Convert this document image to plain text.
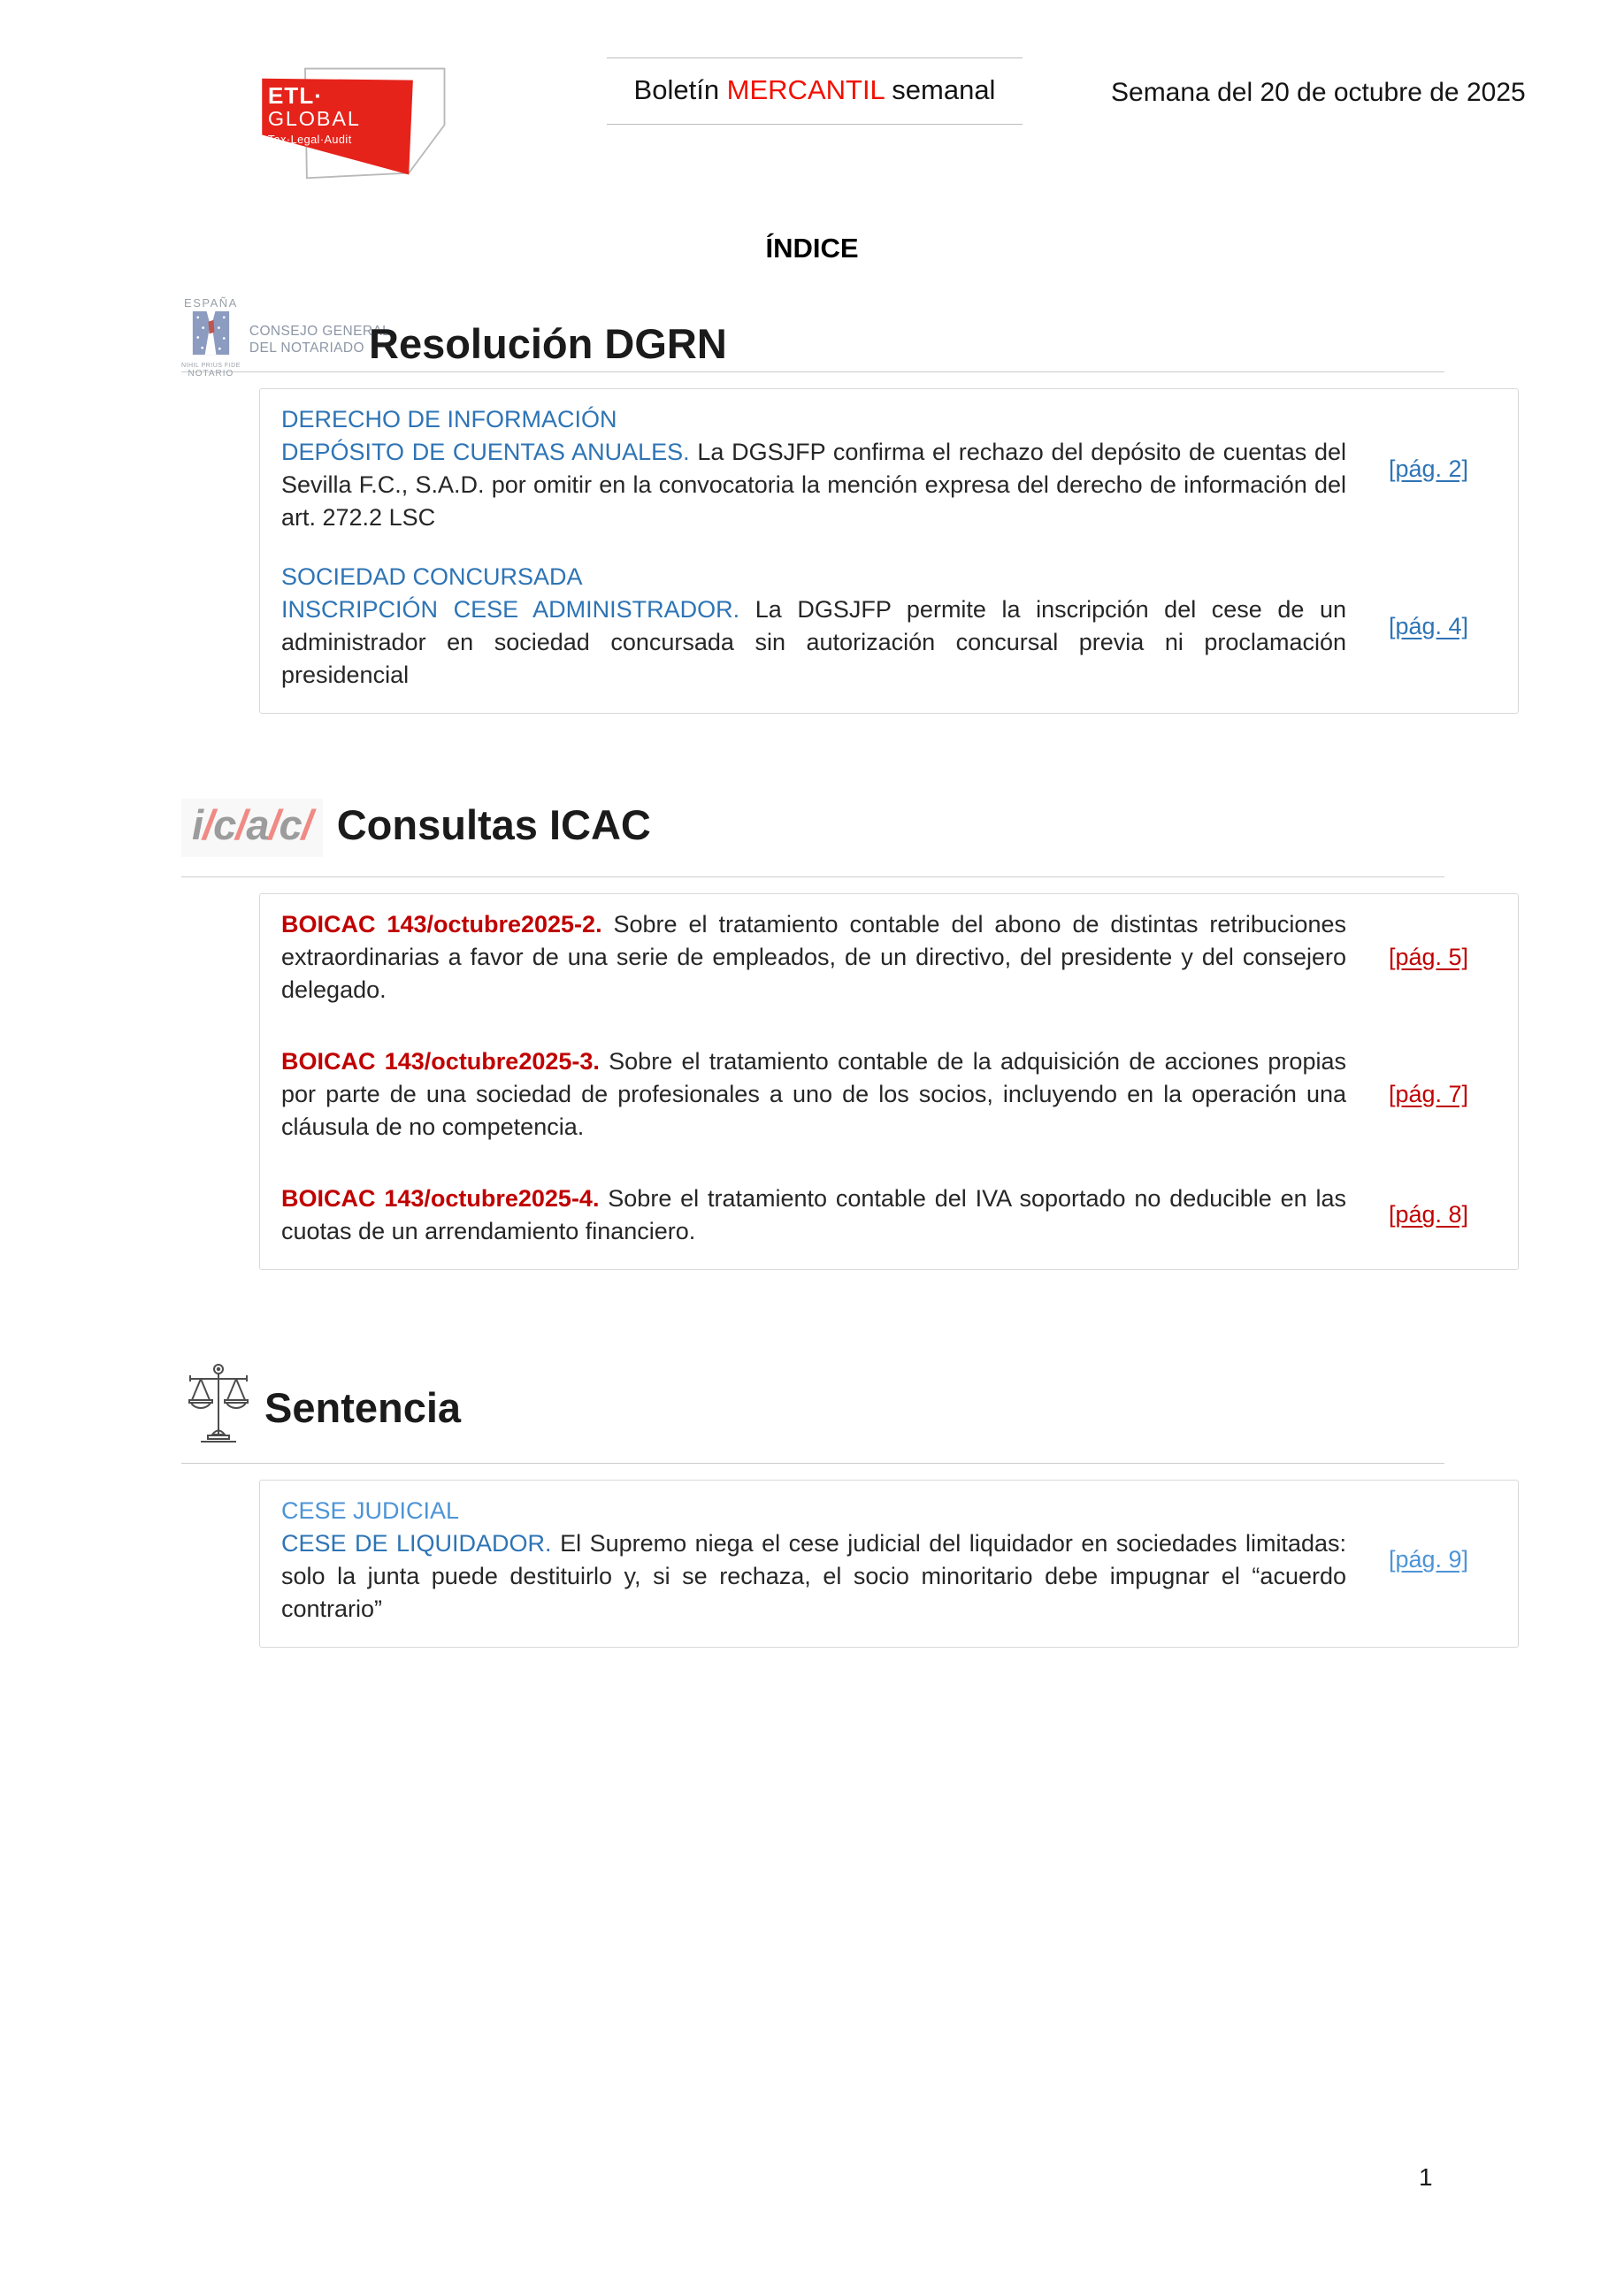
ETL·
GLOBAL
Tax·Legal·Audit
Boletín MERCANTIL semanal	Semana del 20 de octubre de 2025
ÍNDICE
ESPAÑA
NIHIL PRIUS FIDE
NOTARIO
CONSEJO GENERAL
DEL NOTARIADO Resolución DGRN
DERECHO DE INFORMACIÓN

DEPÓSITO DE CUENTAS ANUALES. La DGSJFP confirma el rechazo del depósito de cuentas del Sevilla F.C., S.A.D. por omitir en la convocatoria la mención expresa del derecho de información del art. 272.2 LSC

[pág. 2]
SOCIEDAD CONCURSADA

INSCRIPCIÓN CESE ADMINISTRADOR. La DGSJFP permite la inscripción del cese de un administrador en sociedad concursada sin autorización concursal previa ni proclamación presidencial

[pág. 4]
i/c/a/c/ Consultas ICAC

BOICAC 143/octubre2025-2. Sobre el tratamiento contable del abono de distintas retribuciones extraordinarias a favor de una serie de empleados, de un directivo, del presidente y del consejero delegado.

[pág. 5]

BOICAC 143/octubre2025-3. Sobre el tratamiento contable de la adquisición de acciones propias por parte de una sociedad de profesionales a uno de los socios, incluyendo en la operación una cláusula de no competencia.

[pág. 7]

BOICAC 143/octubre2025-4. Sobre el tratamiento contable del IVA soportado no deducible en las cuotas de un arrendamiento financiero.

[pág. 8]
Sentencia
CESE JUDICIAL

CESE DE LIQUIDADOR. El Supremo niega el cese judicial del liquidador en sociedades limitadas: solo la junta puede destituirlo y, si se rechaza, el socio minoritario debe impugnar el “acuerdo contrario”

[pág. 9]
1
